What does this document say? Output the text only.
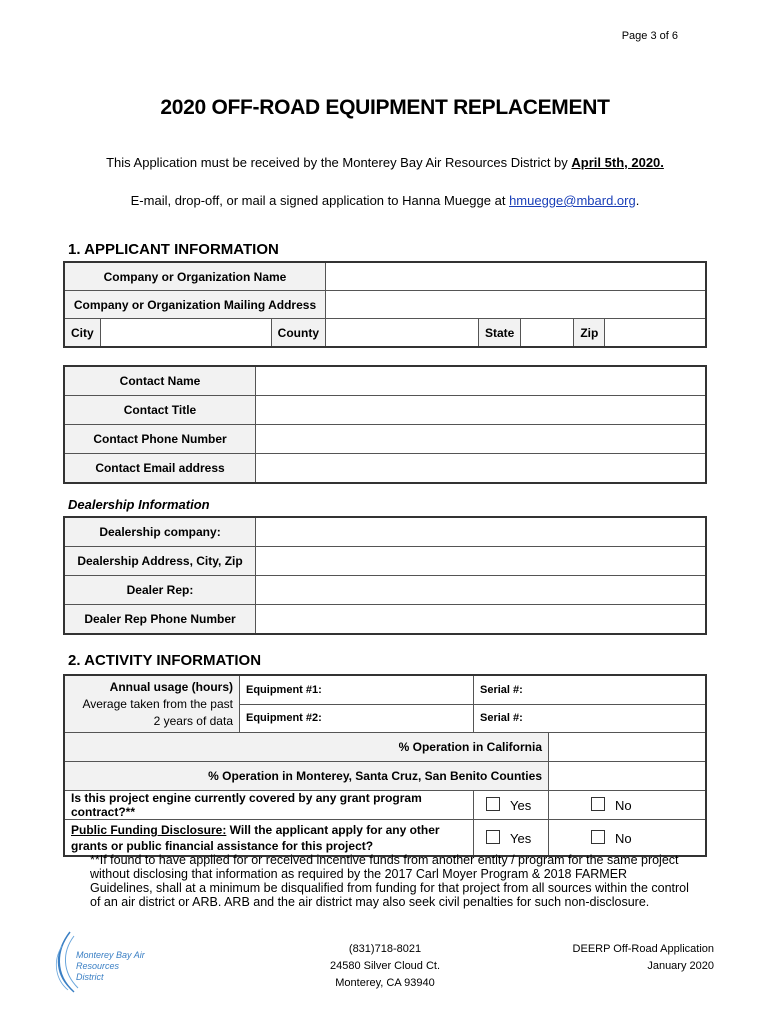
Page 3 of 6
2020 OFF-ROAD EQUIPMENT REPLACEMENT
This Application must be received by the Monterey Bay Air Resources District by April 5th, 2020.
E-mail, drop-off, or mail a signed application to Hanna Muegge at hmuegge@mbard.org.
1. APPLICANT INFORMATION
Company or Organization Name							
Company or Organization Mailing Address							
City		County		State		Zip	
Contact Name	
Contact Title	
Contact Phone Number	
Contact Email address	
Dealership Information
Dealership company:	
Dealership Address, City, Zip	
Dealer Rep:	
Dealer Rep Phone Number	
2. ACTIVITY INFORMATION
Annual usage (hours)
Average taken from the past
2 years of data	Equipment #1:	Serial #:	
	Equipment #2:	Serial #:	
% Operation in California			
% Operation in Monterey, Santa Cruz, San Benito Counties			
Is this project engine currently covered by any grant program contract?**		Yes	No
Public Funding Disclosure: Will the applicant apply for any other grants or public financial assistance for this project?		Yes	No
**If found to have applied for or received incentive funds from another entity / program for the same project without disclosing that information as required by the 2017 Carl Moyer Program & 2018 FARMER Guidelines, shall at a minimum be disqualified from funding for that project from all sources within the control of an air district or ARB. ARB and the air district may also seek civil penalties for such non-disclosure.
Monterey Bay Air
Resources District
(831)718-8021
24580 Silver Cloud Ct.
Monterey, CA 93940
DEERP Off-Road Application
January 2020
